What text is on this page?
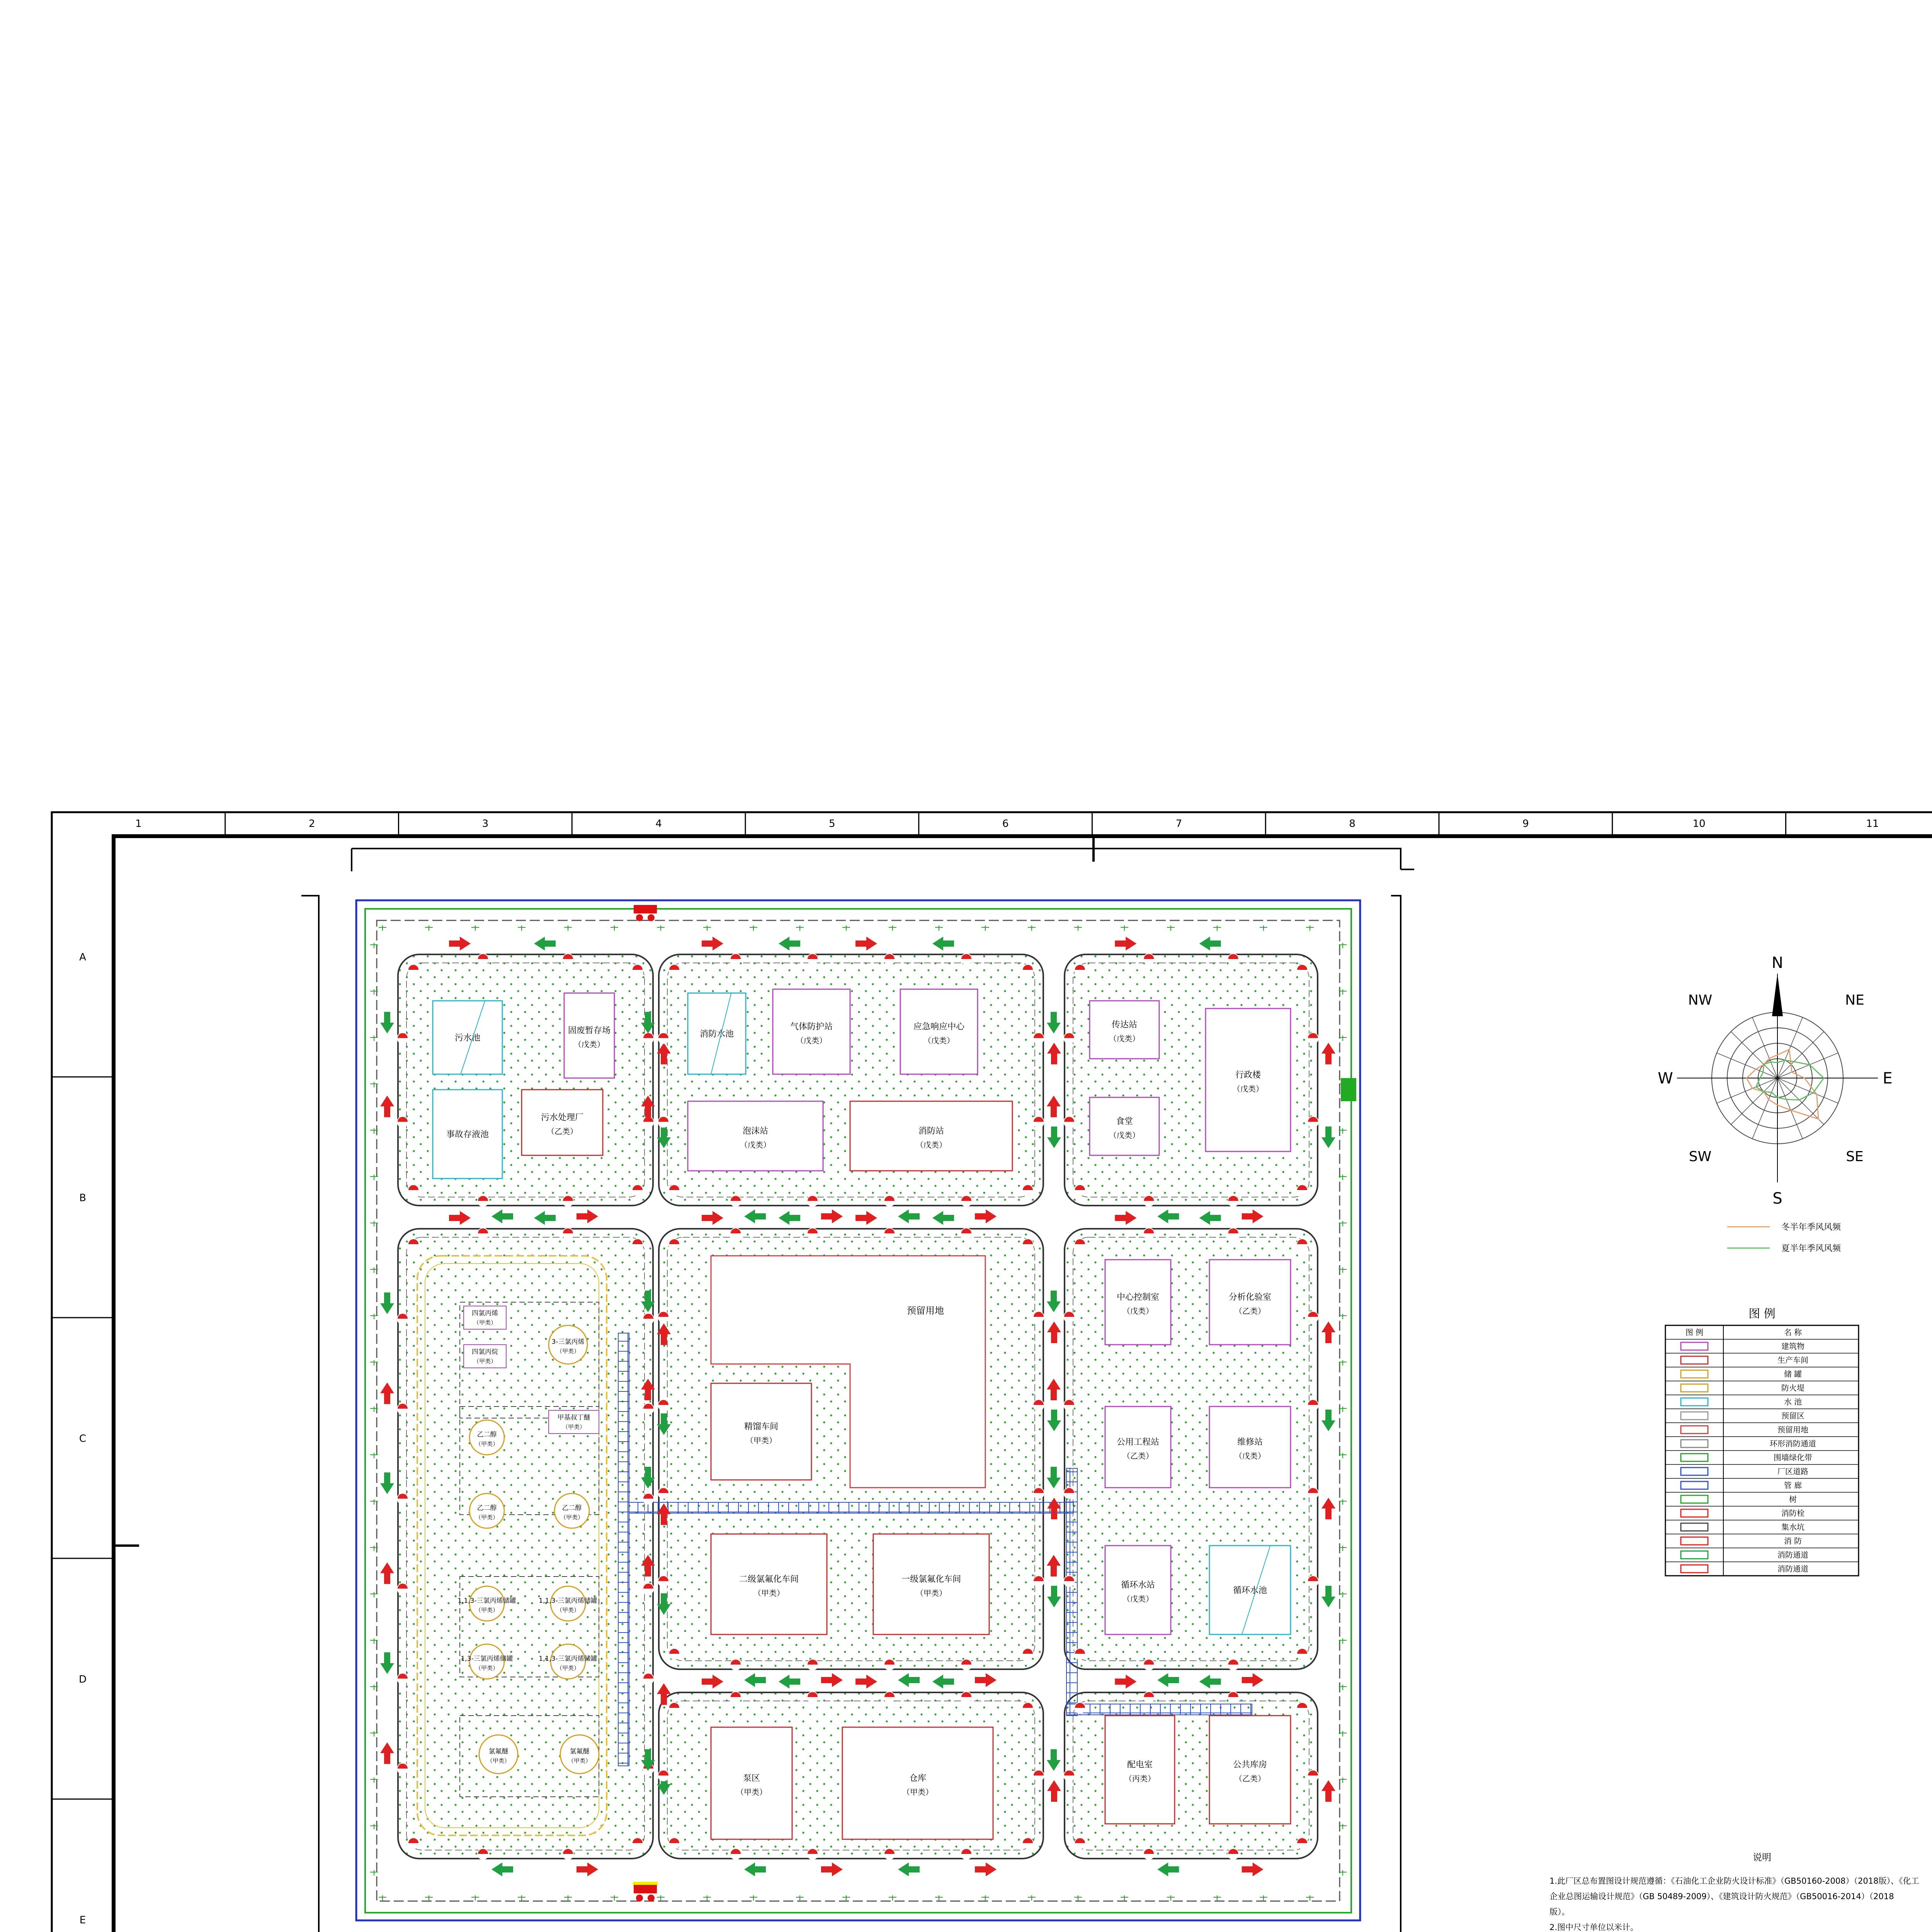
1	2	3	4	5	6	7	8	9	10	11
A
B
C
D
E
预留用地
污水池
固废暂存场
（戊类）
事故存液池
污水处理厂
（乙类）
消防水池
气体防护站
（戊类）
应急响应中心
（戊类）
泡沫站
（戊类）
消防站
（戊类）
传达站
（戊类）
食堂
（戊类）
行政楼
（戊类）
中心控制室
（戊类）
分析化验室
（乙类）
公用工程站
（乙类）
维修站
（戊类）
循环水站
（戊类）
循环水池
精馏车间
（甲类）
二级氯氟化车间
（甲类）
一级氯氟化车间
（甲类）
泵区
（甲类）
仓库
（甲类）
配电室
（丙类）
公共库房
（乙类）
四氯丙烯
（甲类）
3-三氯丙烯
（甲类）
四氯丙烷
（甲类）
乙二醇
（甲类）
甲基叔丁醚
（甲类）
乙二醇
（甲类）
乙二醇
（甲类）
1,1,3-三氯丙烯储罐
（甲类）
1,1,3-三氯丙烯储罐
（甲类）
1,3-三氯丙烯储罐
（甲类）
1,1,3-三氯丙烯储罐
（甲类）
氯氟醚
（甲类）
氯氟醚
（甲类）
N
S
W	E
NW	NE
SW	SE
冬半年季风风频
夏半年季风风频
图 例
图 例	名 称
建筑物
生产车间
储 罐
防火堤
水 池
预留区
预留用地
环形消防通道
围墙绿化带
厂区道路
管 廊
树
消防栓
集水坑
消 防
消防通道
消防通道
说明
1.此厂区总布置图设计规范遵循：《石油化工企业防火设计标准》（GB50160-2008）（2018版）、《化工
企业总图运输设计规范》（GB 50489-2009）、《建筑设计防火规范》（GB50016-2014）（2018
版）。
2.图中尺寸单位以米计。
